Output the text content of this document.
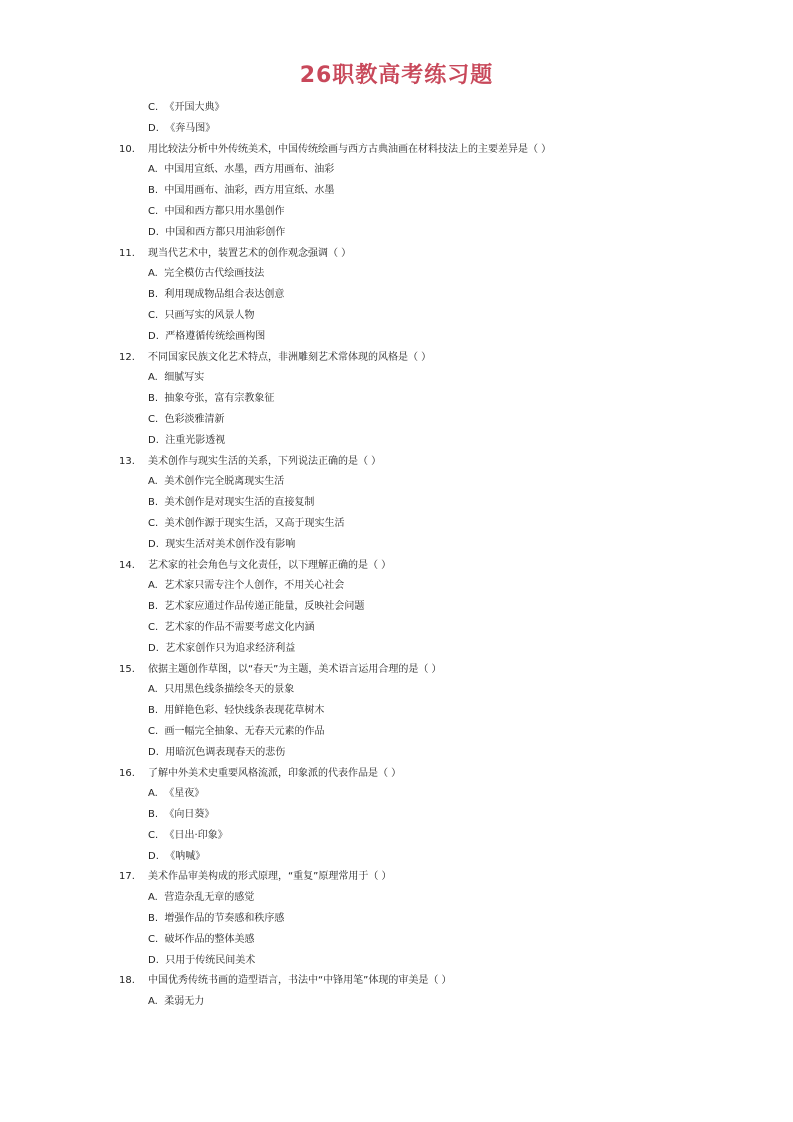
26职教高考练习题
C. 《开国大典》
D. 《奔马图》
10. 用比较法分析中外传统美术，中国传统绘画与西方古典油画在材料技法上的主要差异是（ ）
A. 中国用宣纸、水墨，西方用画布、油彩
B. 中国用画布、油彩，西方用宣纸、水墨
C. 中国和西方都只用水墨创作
D. 中国和西方都只用油彩创作
11. 现当代艺术中，装置艺术的创作观念强调（ ）
A. 完全模仿古代绘画技法
B. 利用现成物品组合表达创意
C. 只画写实的风景人物
D. 严格遵循传统绘画构图
12. 不同国家民族文化艺术特点，非洲雕刻艺术常体现的风格是（ ）
A. 细腻写实
B. 抽象夸张，富有宗教象征
C. 色彩淡雅清新
D. 注重光影透视
13. 美术创作与现实生活的关系，下列说法正确的是（ ）
A. 美术创作完全脱离现实生活
B. 美术创作是对现实生活的直接复制
C. 美术创作源于现实生活，又高于现实生活
D. 现实生活对美术创作没有影响
14. 艺术家的社会角色与文化责任，以下理解正确的是（ ）
A. 艺术家只需专注个人创作，不用关心社会
B. 艺术家应通过作品传递正能量，反映社会问题
C. 艺术家的作品不需要考虑文化内涵
D. 艺术家创作只为追求经济利益
15. 依据主题创作草图，以“春天”为主题，美术语言运用合理的是（ ）
A. 只用黑色线条描绘冬天的景象
B. 用鲜艳色彩、轻快线条表现花草树木
C. 画一幅完全抽象、无春天元素的作品
D. 用暗沉色调表现春天的悲伤
16. 了解中外美术史重要风格流派，印象派的代表作品是（ ）
A. 《星夜》
B. 《向日葵》
C. 《日出·印象》
D. 《呐喊》
17. 美术作品审美构成的形式原理，“重复”原理常用于（ ）
A. 营造杂乱无章的感觉
B. 增强作品的节奏感和秩序感
C. 破坏作品的整体美感
D. 只用于传统民间美术
18. 中国优秀传统书画的造型语言，书法中“中锋用笔”体现的审美是（ ）
A. 柔弱无力
